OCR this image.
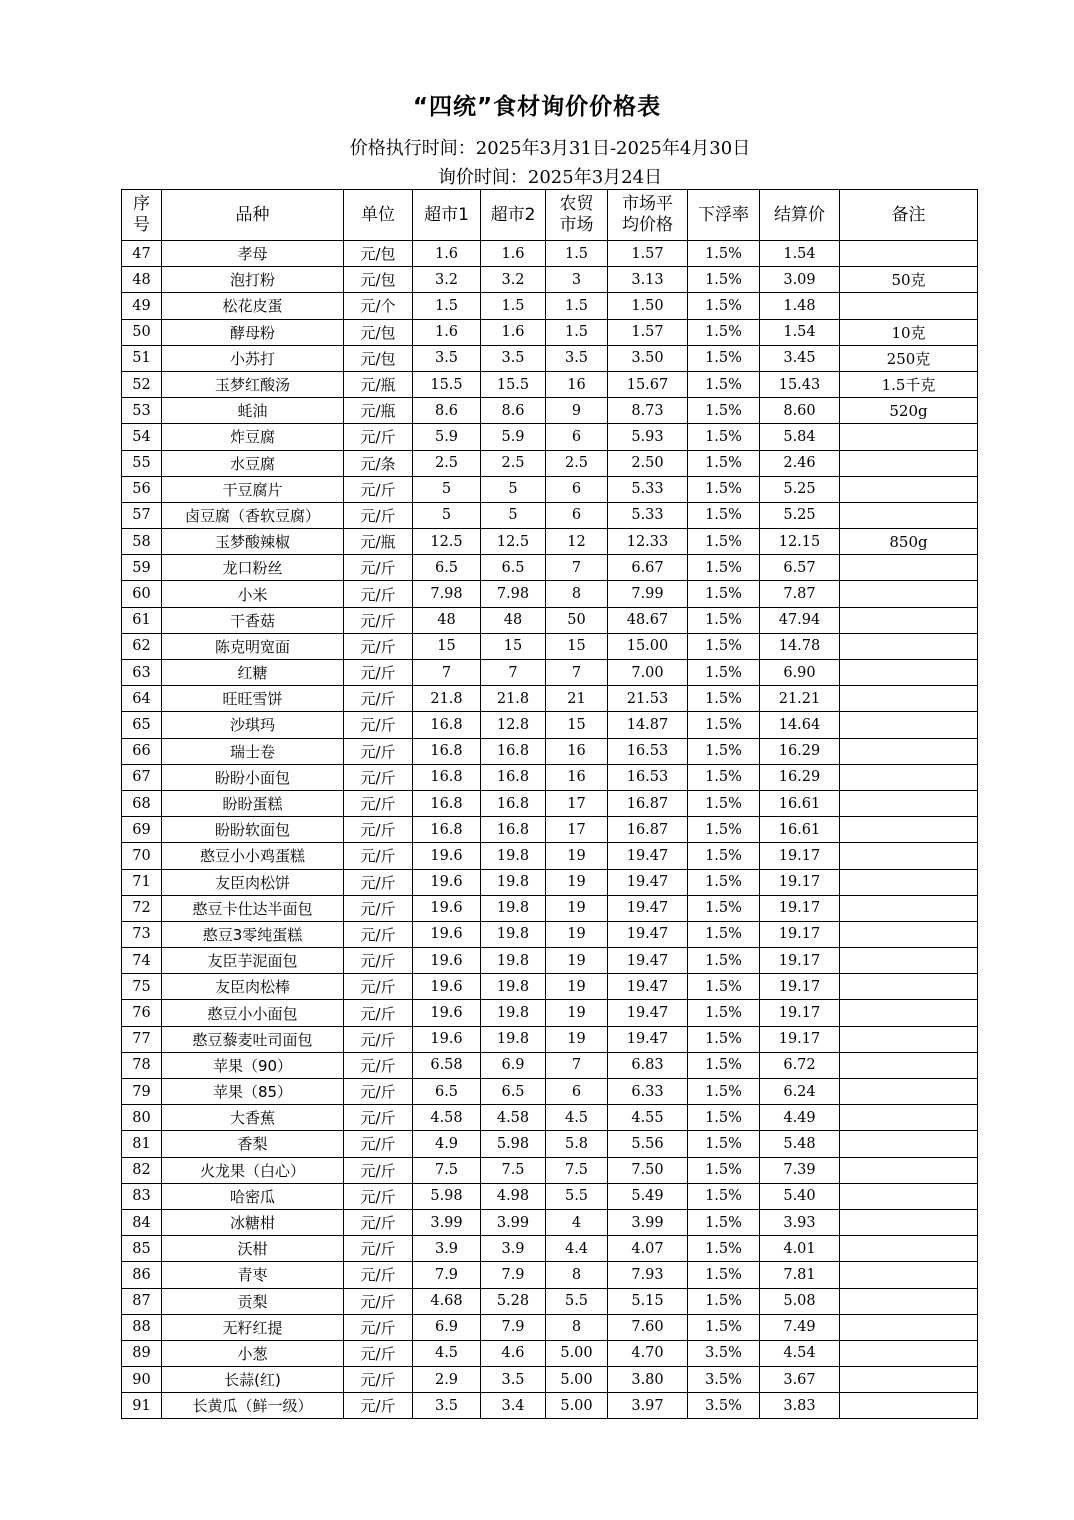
“四统”食材询价价格表
价格执行时间：2025年3月31日-2025年4月30日
询价时间：2025年3月24日
序号	品种	单位	超市1	超市2	农贸市场	市场平均价格	下浮率	结算价	备注
47	孝母	元/包	1.6	1.6	1.5	1.57	1.5%	1.54	
48	泡打粉	元/包	3.2	3.2	3	3.13	1.5%	3.09	50克
49	松花皮蛋	元/个	1.5	1.5	1.5	1.50	1.5%	1.48	
50	酵母粉	元/包	1.6	1.6	1.5	1.57	1.5%	1.54	10克
51	小苏打	元/包	3.5	3.5	3.5	3.50	1.5%	3.45	250克
52	玉梦红酸汤	元/瓶	15.5	15.5	16	15.67	1.5%	15.43	1.5千克
53	蚝油	元/瓶	8.6	8.6	9	8.73	1.5%	8.60	520g
54	炸豆腐	元/斤	5.9	5.9	6	5.93	1.5%	5.84	
55	水豆腐	元/条	2.5	2.5	2.5	2.50	1.5%	2.46	
56	干豆腐片	元/斤	5	5	6	5.33	1.5%	5.25	
57	卤豆腐（香软豆腐）	元/斤	5	5	6	5.33	1.5%	5.25	
58	玉梦酸辣椒	元/瓶	12.5	12.5	12	12.33	1.5%	12.15	850g
59	龙口粉丝	元/斤	6.5	6.5	7	6.67	1.5%	6.57	
60	小米	元/斤	7.98	7.98	8	7.99	1.5%	7.87	
61	干香菇	元/斤	48	48	50	48.67	1.5%	47.94	
62	陈克明宽面	元/斤	15	15	15	15.00	1.5%	14.78	
63	红糖	元/斤	7	7	7	7.00	1.5%	6.90	
64	旺旺雪饼	元/斤	21.8	21.8	21	21.53	1.5%	21.21	
65	沙琪玛	元/斤	16.8	12.8	15	14.87	1.5%	14.64	
66	瑞士卷	元/斤	16.8	16.8	16	16.53	1.5%	16.29	
67	盼盼小面包	元/斤	16.8	16.8	16	16.53	1.5%	16.29	
68	盼盼蛋糕	元/斤	16.8	16.8	17	16.87	1.5%	16.61	
69	盼盼软面包	元/斤	16.8	16.8	17	16.87	1.5%	16.61	
70	憨豆小小鸡蛋糕	元/斤	19.6	19.8	19	19.47	1.5%	19.17	
71	友臣肉松饼	元/斤	19.6	19.8	19	19.47	1.5%	19.17	
72	憨豆卡仕达半面包	元/斤	19.6	19.8	19	19.47	1.5%	19.17	
73	憨豆3零纯蛋糕	元/斤	19.6	19.8	19	19.47	1.5%	19.17	
74	友臣芋泥面包	元/斤	19.6	19.8	19	19.47	1.5%	19.17	
75	友臣肉松棒	元/斤	19.6	19.8	19	19.47	1.5%	19.17	
76	憨豆小小面包	元/斤	19.6	19.8	19	19.47	1.5%	19.17	
77	憨豆藜麦吐司面包	元/斤	19.6	19.8	19	19.47	1.5%	19.17	
78	苹果（90）	元/斤	6.58	6.9	7	6.83	1.5%	6.72	
79	苹果（85）	元/斤	6.5	6.5	6	6.33	1.5%	6.24	
80	大香蕉	元/斤	4.58	4.58	4.5	4.55	1.5%	4.49	
81	香梨	元/斤	4.9	5.98	5.8	5.56	1.5%	5.48	
82	火龙果（白心）	元/斤	7.5	7.5	7.5	7.50	1.5%	7.39	
83	哈密瓜	元/斤	5.98	4.98	5.5	5.49	1.5%	5.40	
84	冰糖柑	元/斤	3.99	3.99	4	3.99	1.5%	3.93	
85	沃柑	元/斤	3.9	3.9	4.4	4.07	1.5%	4.01	
86	青枣	元/斤	7.9	7.9	8	7.93	1.5%	7.81	
87	贡梨	元/斤	4.68	5.28	5.5	5.15	1.5%	5.08	
88	无籽红提	元/斤	6.9	7.9	8	7.60	1.5%	7.49	
89	小葱	元/斤	4.5	4.6	5.00	4.70	3.5%	4.54	
90	长蒜(红)	元/斤	2.9	3.5	5.00	3.80	3.5%	3.67	
91	长黄瓜（鲜一级）	元/斤	3.5	3.4	5.00	3.97	3.5%	3.83	
